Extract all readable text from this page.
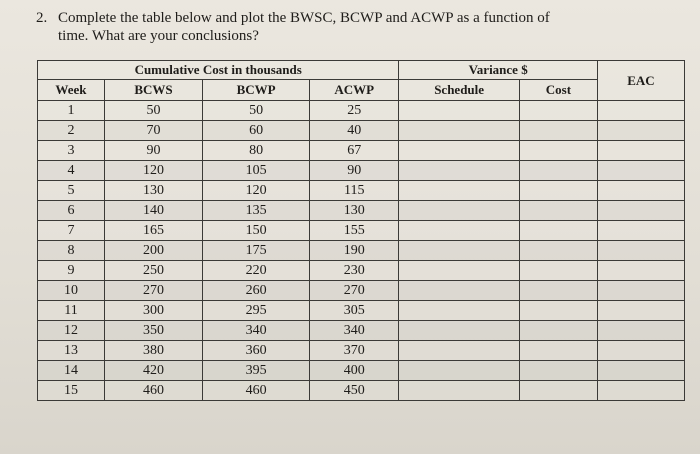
2. Complete the table below and plot the BWSC, BCWP and ACWP as a function of
time. What are your conclusions?
Cumulative Cost in thousands				Variance $		EAC
Week	BCWS	BCWP	ACWP	Schedule	Cost	
1	50	50	25			
2	70	60	40			
3	90	80	67			
4	120	105	90			
5	130	120	115			
6	140	135	130			
7	165	150	155			
8	200	175	190			
9	250	220	230			
10	270	260	270			
11	300	295	305			
12	350	340	340			
13	380	360	370			
14	420	395	400			
15	460	460	450			
